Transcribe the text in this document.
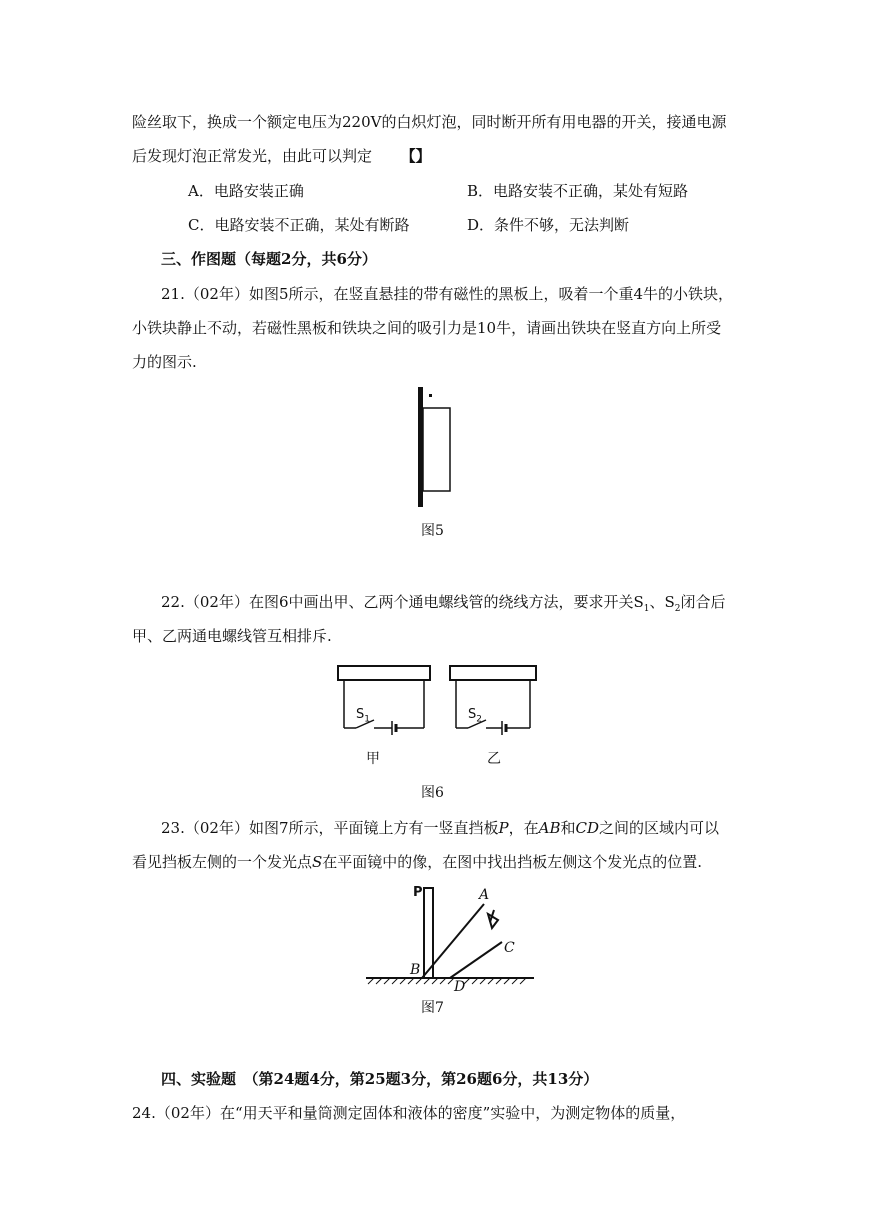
险丝取下，换成一个额定电压为220V的白炽灯泡，同时断开所有用电器的开关，接通电源
后发现灯泡正常发光，由此可以判定 【】
A．电路安装正确	B．电路安装不正确，某处有短路
C．电路安装不正确，某处有断路	D．条件不够，无法判断
三、作图题（每题2分，共6分）
21.（02年）如图5所示，在竖直悬挂的带有磁性的黑板上，吸着一个重4牛的小铁块，
小铁块静止不动，若磁性黑板和铁块之间的吸引力是10牛，请画出铁块在竖直方向上所受
力的图示.
图5
22.（02年）在图6中画出甲、乙两个通电螺线管的绕线方法，要求开关$S_1$、$S_2$闭合后
甲、乙两通电螺线管互相排斥.
$S_1$	$S_2$
甲	乙
图6
23.（02年）如图7所示，平面镜上方有一竖直挡板P，在AB和CD之间的区域内可以
看见挡板左侧的一个发光点S在平面镜中的像，在图中找出挡板左侧这个发光点的位置.
P	A
C
B
D
图7
四、实验题　（第24题4分，第25题3分，第26题6分，共13分）
24.（02年）在“用天平和量筒测定固体和液体的密度”实验中，为测定物体的质量，
